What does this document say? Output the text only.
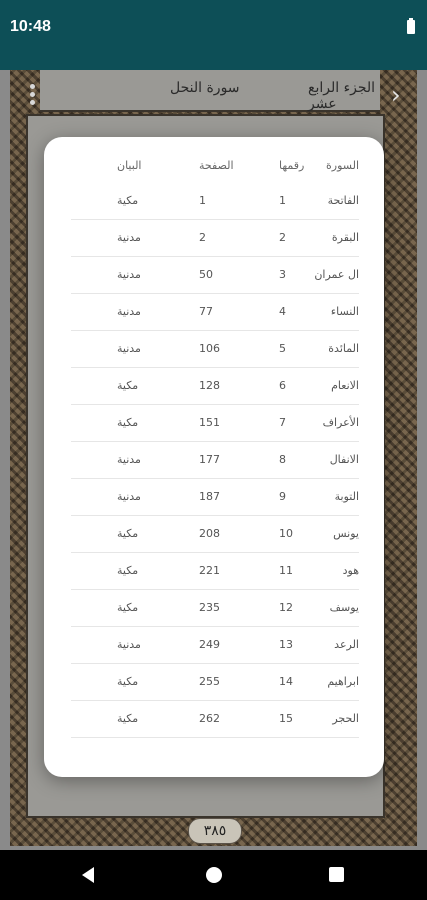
10:48
الجزء الرابع عشر
سورة النحل	›
٣٨٥
السورة
رقمها
الصفحة
البيان
الفاتحة
1
1
مكية
البقرة
2
2
مدنية
ال عمران
3
50
مدنية
النساء
4
77
مدنية
المائدة
5
106
مدنية
الانعام
6
128
مكية
الأعراف
7
151
مكية
الانفال
8
177
مدنية
التوبة
9
187
مدنية
يونس
10
208
مكية
هود
11
221
مكية
يوسف
12
235
مكية
الرعد
13
249
مدنية
ابراهيم
14
255
مكية
الحجر
15
262
مكية
